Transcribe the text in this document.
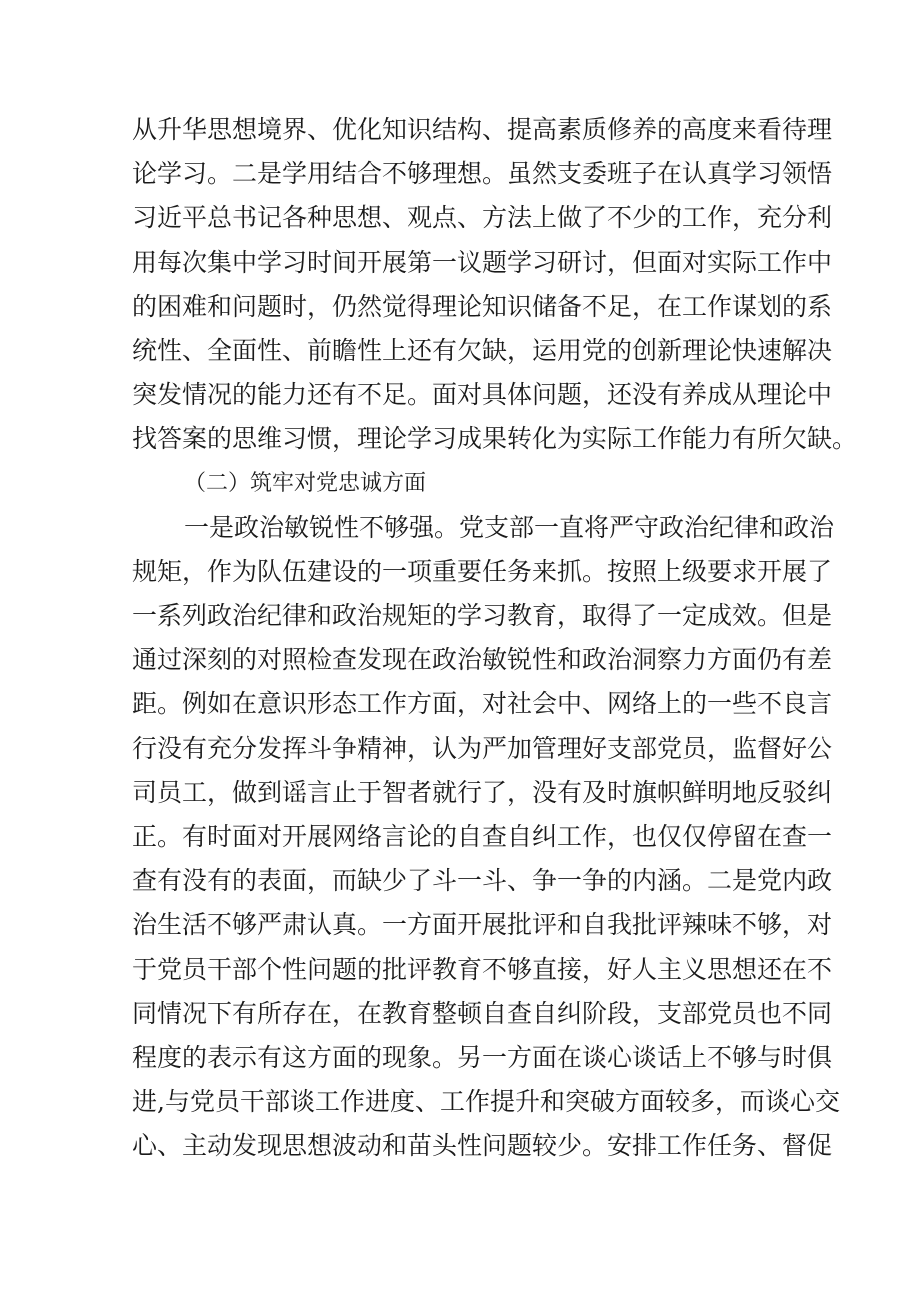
从升华思想境界、优化知识结构、提高素质修养的高度来看待理
论学习。二是学用结合不够理想。虽然支委班子在认真学习领悟
习近平总书记各种思想、观点、方法上做了不少的工作，充分利
用每次集中学习时间开展第一议题学习研讨，但面对实际工作中
的困难和问题时，仍然觉得理论知识储备不足，在工作谋划的系
统性、全面性、前瞻性上还有欠缺，运用党的创新理论快速解决
突发情况的能力还有不足。面对具体问题，还没有养成从理论中
找答案的思维习惯，理论学习成果转化为实际工作能力有所欠缺。
（二）筑牢对党忠诚方面
一是政治敏锐性不够强。党支部一直将严守政治纪律和政治
规矩，作为队伍建设的一项重要任务来抓。按照上级要求开展了
一系列政治纪律和政治规矩的学习教育，取得了一定成效。但是
通过深刻的对照检查发现在政治敏锐性和政治洞察力方面仍有差
距。例如在意识形态工作方面，对社会中、网络上的一些不良言
行没有充分发挥斗争精神，认为严加管理好支部党员，监督好公
司员工，做到谣言止于智者就行了，没有及时旗帜鲜明地反驳纠
正。有时面对开展网络言论的自查自纠工作，也仅仅停留在查一
查有没有的表面，而缺少了斗一斗、争一争的内涵。二是党内政
治生活不够严肃认真。一方面开展批评和自我批评辣味不够，对
于党员干部个性问题的批评教育不够直接，好人主义思想还在不
同情况下有所存在，在教育整顿自查自纠阶段，支部党员也不同
程度的表示有这方面的现象。另一方面在谈心谈话上不够与时俱
进,与党员干部谈工作进度、工作提升和突破方面较多，而谈心交
心、主动发现思想波动和苗头性问题较少。安排工作任务、督促
